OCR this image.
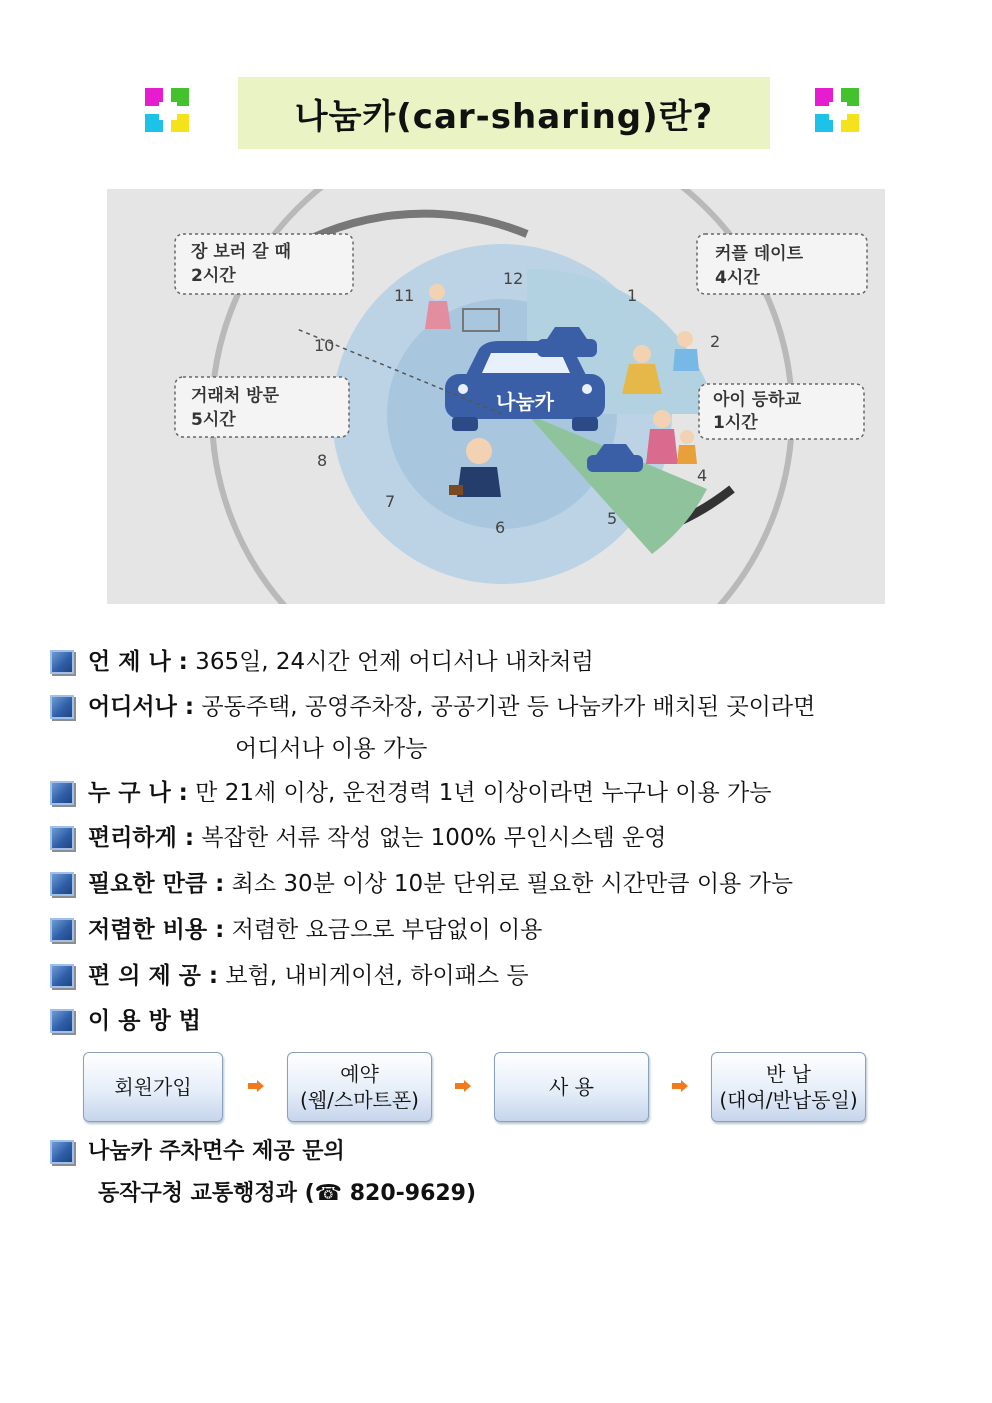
나눔카(car-sharing)란?
12
1
2
4
5
6
7
8
10
11
나눔카
장 보러 갈 때
2시간
커플 데이트
4시간
거래처 방문
5시간
아이 등하교
1시간
언 제 나 : 365일, 24시간 언제 어디서나 내차처럼
어디서나 : 공동주택, 공영주차장, 공공기관 등 나눔카가 배치된 곳이라면
어디서나 이용 가능
누 구 나 : 만 21세 이상, 운전경력 1년 이상이라면 누구나 이용 가능
편리하게 : 복잡한 서류 작성 없는 100% 무인시스템 운영
필요한 만큼 : 최소 30분 이상 10분 단위로 필요한 시간만큼 이용 가능
저렴한 비용 : 저렴한 요금으로 부담없이 이용
편 의 제 공 : 보험, 내비게이션, 하이패스 등
이 용 방 법
회원가입
예약
(웹/스마트폰)
사 용
반 납
(대여/반납동일)
나눔카 주차면수 제공 문의
동작구청 교통행정과 (☎ 820-9629)
